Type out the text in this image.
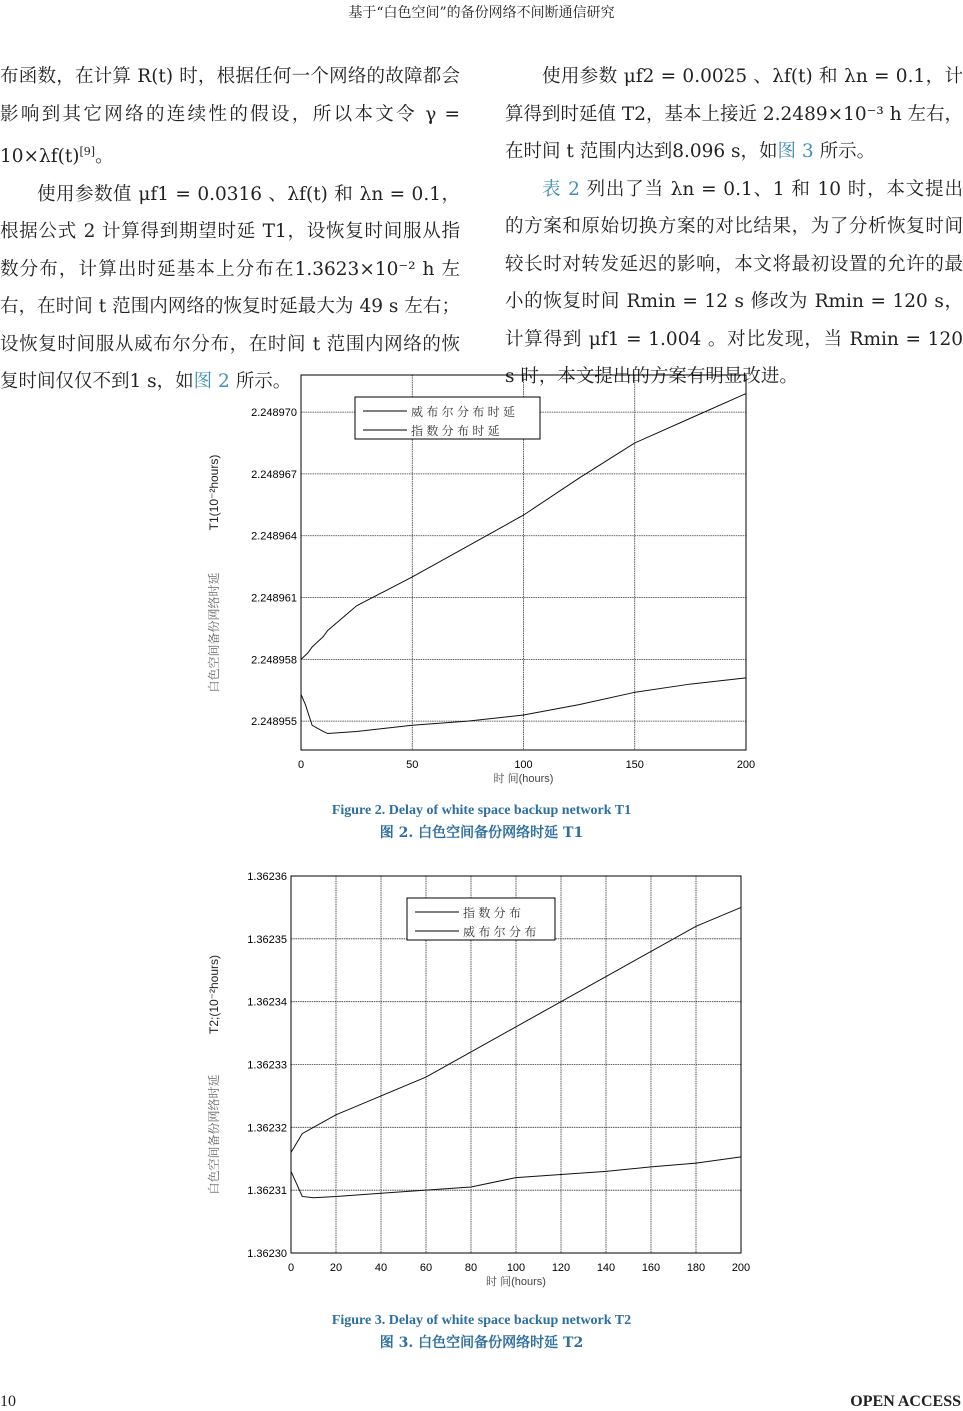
基于“白色空间”的备份网络不间断通信研究

布函数，在计算 R(t) 时，根据任何一个网络的故障都会影响到其它网络的连续性的假设，所以本文令 γ = 10×λf(t)[9]。

使用参数值 μf1 = 0.0316 、λf(t) 和 λn = 0.1，根据公式 2 计算得到期望时延 T1，设恢复时间服从指数分布，计算出时延基本上分布在1.3623×10⁻² h 左右，在时间 t 范围内网络的恢复时延最大为 49 s 左右；设恢复时间服从威布尔分布，在时间 t 范围内网络的恢复时间仅仅不到1 s，如图 2 所示。

使用参数 μf2 = 0.0025 、λf(t) 和 λn = 0.1，计算得到时延值 T2，基本上接近 2.2489×10⁻³ h 左右，在时间 t 范围内达到8.096 s，如图 3 所示。

表 2 列出了当 λn = 0.1、1 和 10 时，本文提出的方案和原始切换方案的对比结果，为了分析恢复时间较长时对转发延迟的影响，本文将最初设置的允许的最小的恢复时间 Rmin = 12 s 修改为 Rmin = 120 s，计算得到 μf1 = 1.004 。对比发现，当 Rmin = 120 s 时，本文提出的方案有明显改进。

0	50	100	150	200
2.248955
2.248958
2.248961
2.248964
2.248967
2.248970	威 布 尔 分 布 时 延
指 数 分 布 时 延
时 间(hours)
白色空间备份网络时延
T1(10⁻²hours)
Figure 2. Delay of white space backup network T1
图 2. 白色空间备份网络时延 T1
0	20	40	60	80	100 120 140 160 180 200
1.36230
1.36231
1.36232
1.36233
1.36234
1.36235
1.36236
指 数 分 布
威 布 尔 分 布
时 间(hours)
白色空间备份网络时延
T2;(10⁻²hours)
Figure 3. Delay of white space backup network T2
图 3. 白色空间备份网络时延 T2
10	OPEN ACCESS
